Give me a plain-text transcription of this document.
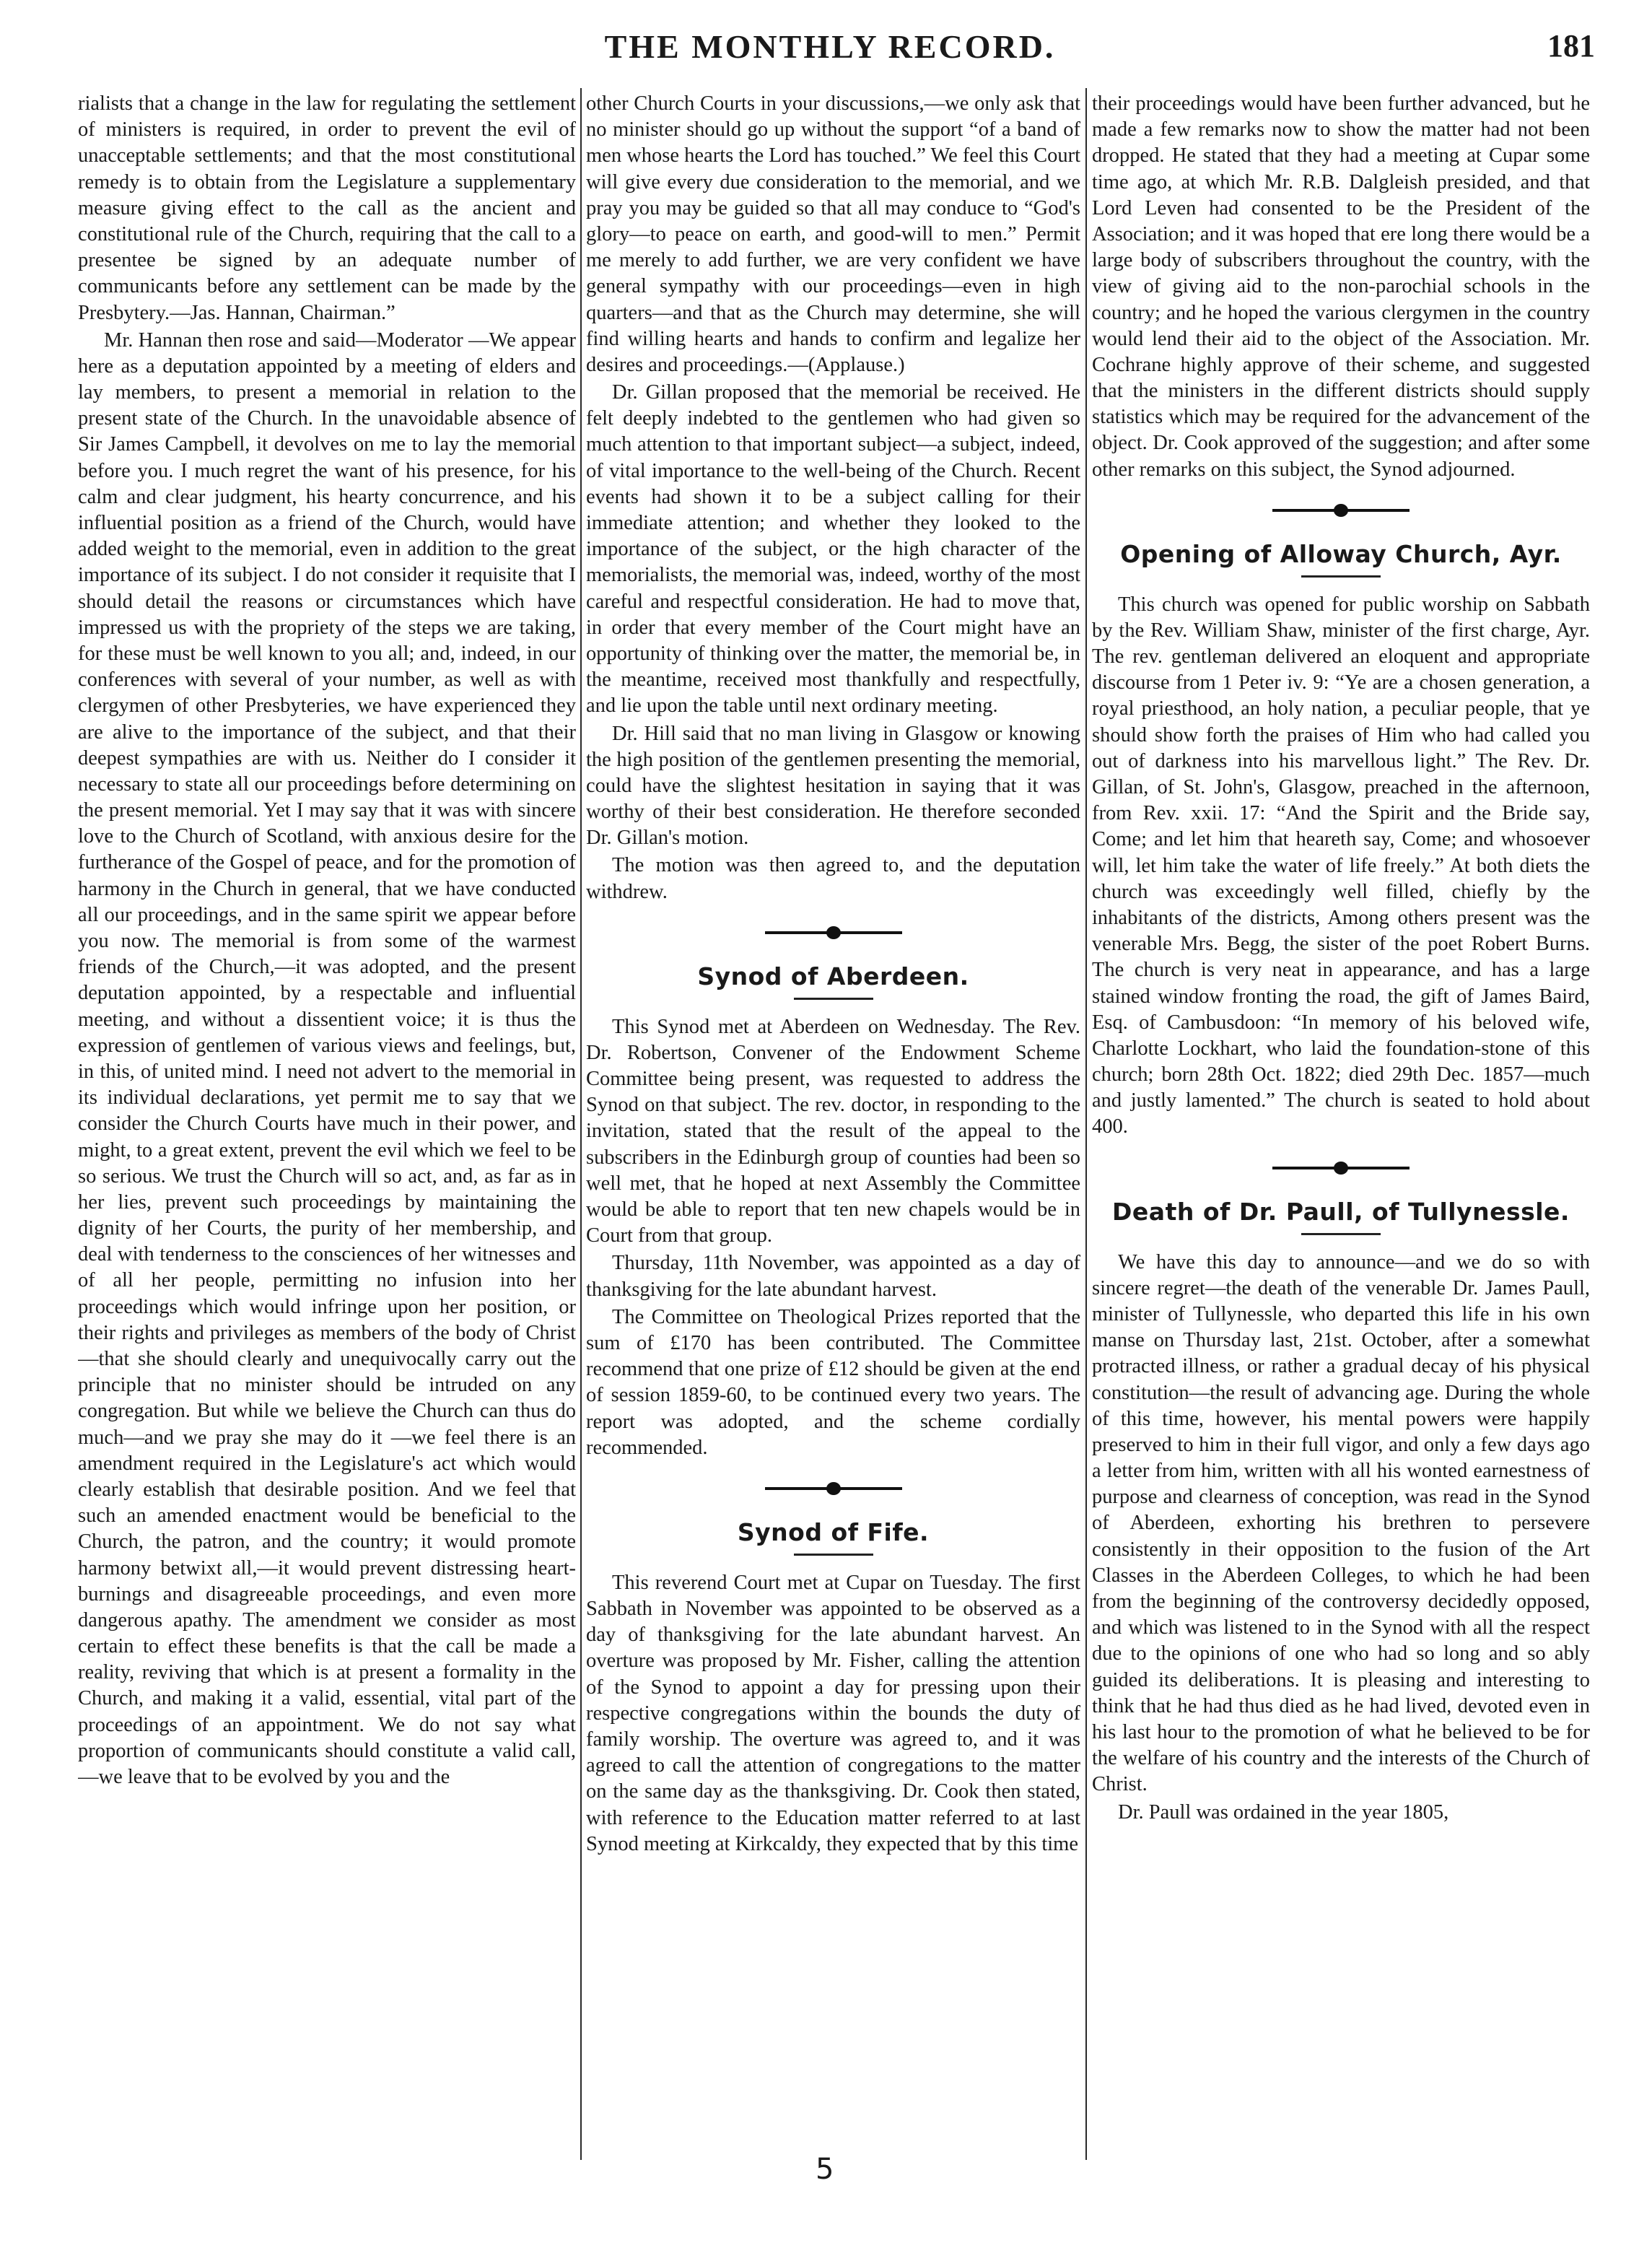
THE MONTHLY RECORD.	181

rialists that a change in the law for regulating the settlement of ministers is required, in order to prevent the evil of unacceptable settlements; and that the most constitutional remedy is to obtain from the Legislature a supplementary measure giving effect to the call as the ancient and constitutional rule of the Church, requiring that the call to a presentee be signed by an adequate number of communicants before any settlement can be made by the Presbytery.—Jas. Hannan, Chairman.”

Mr. Hannan then rose and said—Moderator —We appear here as a deputation appointed by a meeting of elders and lay members, to present a memorial in relation to the present state of the Church. In the unavoidable absence of Sir James Campbell, it devolves on me to lay the memorial before you. I much regret the want of his presence, for his calm and clear judgment, his hearty concurrence, and his influential position as a friend of the Church, would have added weight to the memorial, even in addition to the great importance of its subject. I do not consider it requisite that I should detail the reasons or circumstances which have impressed us with the propriety of the steps we are taking, for these must be well known to you all; and, indeed, in our conferences with several of your number, as well as with clergymen of other Presbyteries, we have experienced they are alive to the importance of the subject, and that their deepest sympathies are with us. Neither do I consider it necessary to state all our proceedings before determining on the present memorial. Yet I may say that it was with sincere love to the Church of Scotland, with anxious desire for the furtherance of the Gospel of peace, and for the promotion of harmony in the Church in general, that we have conducted all our proceedings, and in the same spirit we appear before you now. The memorial is from some of the warmest friends of the Church,—it was adopted, and the present deputation appointed, by a respectable and influential meeting, and without a dissentient voice; it is thus the expression of gentlemen of various views and feelings, but, in this, of united mind. I need not advert to the memorial in its individual declarations, yet permit me to say that we consider the Church Courts have much in their power, and might, to a great extent, prevent the evil which we feel to be so serious. We trust the Church will so act, and, as far as in her lies, prevent such proceedings by maintaining the dignity of her Courts, the purity of her membership, and deal with tenderness to the consciences of her witnesses and of all her people, permitting no infusion into her proceedings which would infringe upon her position, or their rights and privileges as members of the body of Christ—that she should clearly and unequivocally carry out the principle that no minister should be intruded on any congregation. But while we believe the Church can thus do much—and we pray she may do it —we feel there is an amendment required in the Legislature's act which would clearly establish that desirable position. And we feel that such an amended enactment would be beneficial to the Church, the patron, and the country; it would promote harmony betwixt all,—it would prevent distressing heart-burnings and disagreeable proceedings, and even more dangerous apathy. The amendment we consider as most certain to effect these benefits is that the call be made a reality, reviving that which is at present a formality in the Church, and making it a valid, essential, vital part of the proceedings of an appointment. We do not say what proportion of communicants should constitute a valid call, —we leave that to be evolved by you and the

other Church Courts in your discussions,—we only ask that no minister should go up without the support “of a band of men whose hearts the Lord has touched.” We feel this Court will give every due consideration to the memorial, and we pray you may be guided so that all may conduce to “God's glory—to peace on earth, and good-will to men.” Permit me merely to add further, we are very confident we have general sympathy with our proceedings—even in high quarters—and that as the Church may determine, she will find willing hearts and hands to confirm and legalize her desires and proceedings.—(Applause.)

Dr. Gillan proposed that the memorial be received. He felt deeply indebted to the gentlemen who had given so much attention to that important subject—a subject, indeed, of vital importance to the well-being of the Church. Recent events had shown it to be a subject calling for their immediate attention; and whether they looked to the importance of the subject, or the high character of the memorialists, the memorial was, indeed, worthy of the most careful and respectful consideration. He had to move that, in order that every member of the Court might have an opportunity of thinking over the matter, the memorial be, in the meantime, received most thankfully and respectfully, and lie upon the table until next ordinary meeting.

Dr. Hill said that no man living in Glasgow or knowing the high position of the gentlemen presenting the memorial, could have the slightest hesitation in saying that it was worthy of their best consideration. He therefore seconded Dr. Gillan's motion.

The motion was then agreed to, and the deputation withdrew.

Synod of Aberdeen.

This Synod met at Aberdeen on Wednesday. The Rev. Dr. Robertson, Convener of the Endowment Scheme Committee being present, was requested to address the Synod on that subject. The rev. doctor, in responding to the invitation, stated that the result of the appeal to the subscribers in the Edinburgh group of counties had been so well met, that he hoped at next Assembly the Committee would be able to report that ten new chapels would be in Court from that group.

Thursday, 11th November, was appointed as a day of thanksgiving for the late abundant harvest.

The Committee on Theological Prizes reported that the sum of £170 has been contributed. The Committee recommend that one prize of £12 should be given at the end of session 1859-60, to be continued every two years. The report was adopted, and the scheme cordially recommended.

Synod of Fife.

This reverend Court met at Cupar on Tuesday. The first Sabbath in November was appointed to be observed as a day of thanksgiving for the late abundant harvest. An overture was proposed by Mr. Fisher, calling the attention of the Synod to appoint a day for pressing upon their respective congregations within the bounds the duty of family worship. The overture was agreed to, and it was agreed to call the attention of congregations to the matter on the same day as the thanksgiving. Dr. Cook then stated, with reference to the Education matter referred to at last Synod meeting at Kirkcaldy, they expected that by this time

their proceedings would have been further advanced, but he made a few remarks now to show the matter had not been dropped. He stated that they had a meeting at Cupar some time ago, at which Mr. R.B. Dalgleish presided, and that Lord Leven had consented to be the President of the Association; and it was hoped that ere long there would be a large body of subscribers throughout the country, with the view of giving aid to the non-parochial schools in the country; and he hoped the various clergymen in the country would lend their aid to the object of the Association. Mr. Cochrane highly approve of their scheme, and suggested that the ministers in the different districts should supply statistics which may be required for the advancement of the object. Dr. Cook approved of the suggestion; and after some other remarks on this subject, the Synod adjourned.

Opening of Alloway Church, Ayr.

This church was opened for public worship on Sabbath by the Rev. William Shaw, minister of the first charge, Ayr. The rev. gentleman delivered an eloquent and appropriate discourse from 1 Peter iv. 9: “Ye are a chosen generation, a royal priesthood, an holy nation, a peculiar people, that ye should show forth the praises of Him who had called you out of darkness into his marvellous light.” The Rev. Dr. Gillan, of St. John's, Glasgow, preached in the afternoon, from Rev. xxii. 17: “And the Spirit and the Bride say, Come; and let him that heareth say, Come; and whosoever will, let him take the water of life freely.” At both diets the church was exceedingly well filled, chiefly by the inhabitants of the districts, Among others present was the venerable Mrs. Begg, the sister of the poet Robert Burns. The church is very neat in appearance, and has a large stained window fronting the road, the gift of James Baird, Esq. of Cambusdoon: “In memory of his beloved wife, Charlotte Lockhart, who laid the foundation-stone of this church; born 28th Oct. 1822; died 29th Dec. 1857—much and justly lamented.” The church is seated to hold about 400.

Death of Dr. Paull, of Tullynessle.

We have this day to announce—and we do so with sincere regret—the death of the venerable Dr. James Paull, minister of Tullynessle, who departed this life in his own manse on Thursday last, 21st. October, after a somewhat protracted illness, or rather a gradual decay of his physical constitution—the result of advancing age. During the whole of this time, however, his mental powers were happily preserved to him in their full vigor, and only a few days ago a letter from him, written with all his wonted earnestness of purpose and clearness of conception, was read in the Synod of Aberdeen, exhorting his brethren to persevere consistently in their opposition to the fusion of the Art Classes in the Aberdeen Colleges, to which he had been from the beginning of the controversy decidedly opposed, and which was listened to in the Synod with all the respect due to the opinions of one who had so long and so ably guided its deliberations. It is pleasing and interesting to think that he had thus died as he had lived, devoted even in his last hour to the promotion of what he believed to be for the welfare of his country and the interests of the Church of Christ.

Dr. Paull was ordained in the year 1805,

5
